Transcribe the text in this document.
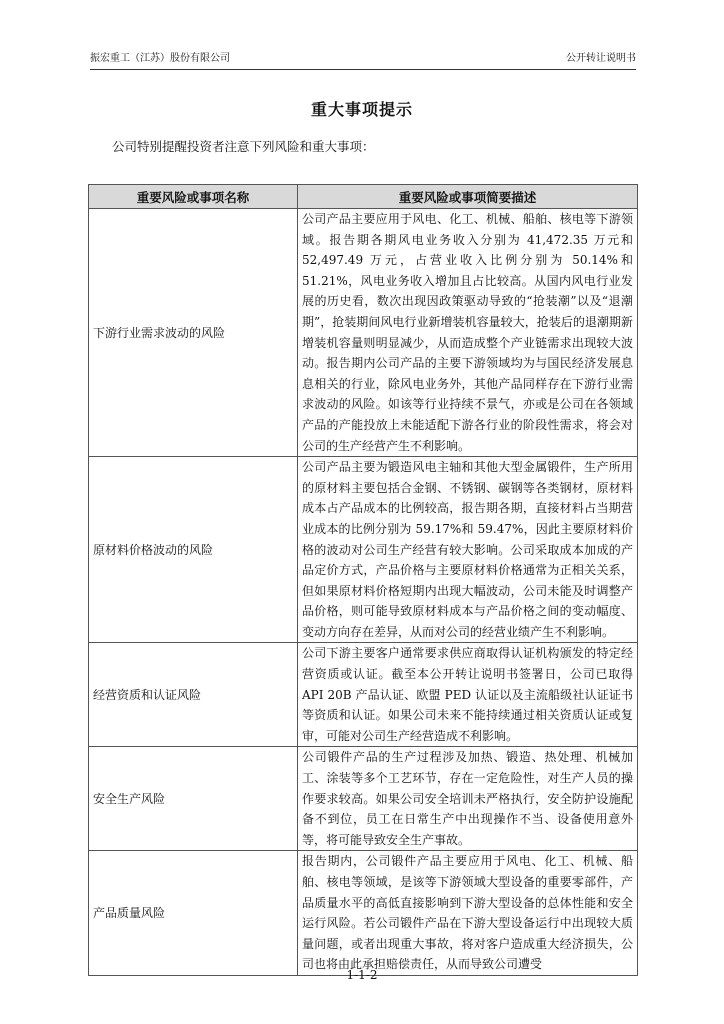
振宏重工（江苏）股份有限公司	公开转让说明书
重大事项提示
公司特别提醒投资者注意下列风险和重大事项：
重要风险或事项名称	重要风险或事项简要描述
下游行业需求波动的风险	公司产品主要应用于风电、化工、机械、船舶、核电等下游领域。报告期各期风电业务收入分别为 41,472.35 万元和 52,497.49 万元，占营业收入比例分别为 50.14%和 51.21%，风电业务收入增加且占比较高。从国内风电行业发展的历史看，数次出现因政策驱动导致的“抢装潮”以及“退潮期”，抢装期间风电行业新增装机容量较大，抢装后的退潮期新增装机容量则明显减少，从而造成整个产业链需求出现较大波动。报告期内公司产品的主要下游领域均为与国民经济发展息息相关的行业，除风电业务外，其他产品同样存在下游行业需求波动的风险。如该等行业持续不景气，亦或是公司在各领域产品的产能投放上未能适配下游各行业的阶段性需求，将会对公司的生产经营产生不利影响。
原材料价格波动的风险	公司产品主要为锻造风电主轴和其他大型金属锻件，生产所用的原材料主要包括合金钢、不锈钢、碳钢等各类钢材，原材料成本占产品成本的比例较高，报告期各期，直接材料占当期营业成本的比例分别为 59.17%和 59.47%，因此主要原材料价格的波动对公司生产经营有较大影响。公司采取成本加成的产品定价方式，产品价格与主要原材料价格通常为正相关关系，但如果原材料价格短期内出现大幅波动，公司未能及时调整产品价格，则可能导致原材料成本与产品价格之间的变动幅度、变动方向存在差异，从而对公司的经营业绩产生不利影响。
经营资质和认证风险	公司下游主要客户通常要求供应商取得认证机构颁发的特定经营资质或认证。截至本公开转让说明书签署日，公司已取得 API 20B 产品认证、欧盟 PED 认证以及主流船级社认证证书等资质和认证。如果公司未来不能持续通过相关资质认证或复审，可能对公司生产经营造成不利影响。
安全生产风险	公司锻件产品的生产过程涉及加热、锻造、热处理、机械加工、涂装等多个工艺环节，存在一定危险性，对生产人员的操作要求较高。如果公司安全培训未严格执行，安全防护设施配备不到位，员工在日常生产中出现操作不当、设备使用意外等，将可能导致安全生产事故。
产品质量风险	报告期内，公司锻件产品主要应用于风电、化工、机械、船舶、核电等领域，是该等下游领域大型设备的重要零部件，产品质量水平的高低直接影响到下游大型设备的总体性能和安全运行风险。若公司锻件产品在下游大型设备运行中出现较大质量问题，或者出现重大事故，将对客户造成重大经济损失，公司也将由此承担赔偿责任，从而导致公司遭受
1-1-2
